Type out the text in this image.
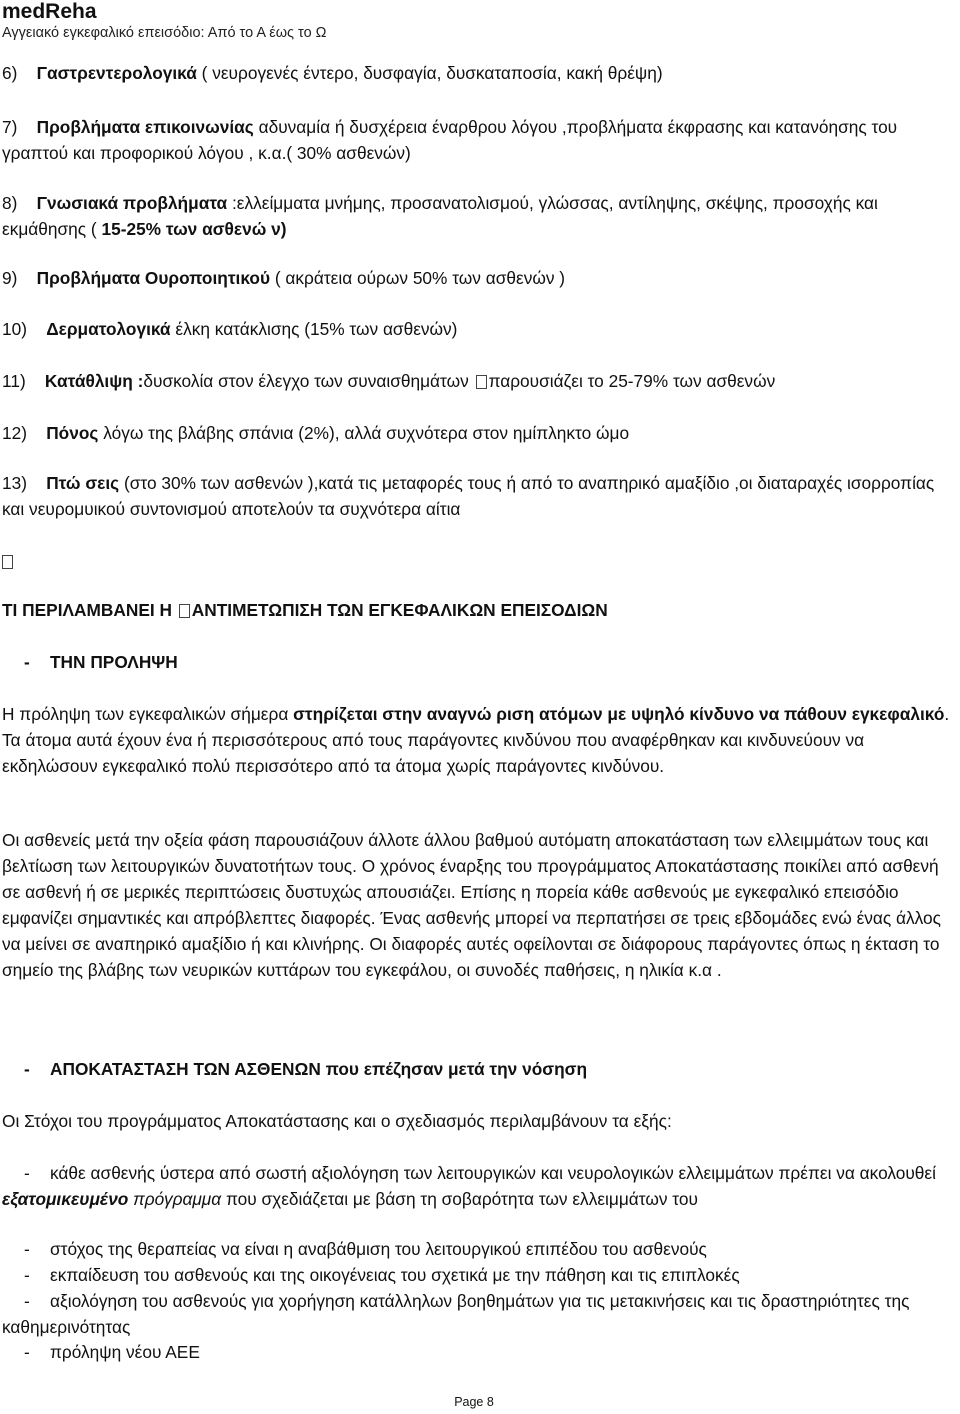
medReha
Αγγειακό εγκεφαλικό επεισόδιο: Από το Α έως το Ω
6) Γαστρεντερολογικά ( νευρογενές έντερο, δυσφαγία, δυσκαταποσία, κακή θρέψη)
7) Προβλήματα επικοινωνίας αδυναμία ή δυσχέρεια έναρθρου λόγου ,προβλήματα έκφρασης και κατανόησης του γραπτού και προφορικού λόγου , κ.α.( 30% ασθενών)
8) Γνωσιακά προβλήματα :ελλείμματα μνήμης, προσανατολισμού, γλώσσας, αντίληψης, σκέψης, προσοχής και εκμάθησης ( 15-25% των ασθενώ ν)
9) Προβλήματα Ουροποιητικού ( ακράτεια ούρων 50% των ασθενών )
10) Δερματολογικά έλκη κατάκλισης (15% των ασθενών)
11) Κατάθλιψη :δυσκολία στον έλεγχο των συναισθημάτων παρουσιάζει το 25-79% των ασθενών
12) Πόνος λόγω της βλάβης σπάνια (2%), αλλά συχνότερα στον ημίπληκτο ώμο
13) Πτώ σεις (στο 30% των ασθενών ),κατά τις μεταφορές τους ή από το αναπηρικό αμαξίδιο ,οι διαταραχές ισορροπίας και νευρομυικού συντονισμού αποτελούν τα συχνότερα αίτια
ΤΙ ΠΕΡΙΛΑΜΒΑΝΕΙ Η ΑΝΤΙΜΕΤΩΠΙΣΗ ΤΩΝ ΕΓΚΕΦΑΛΙΚΩΝ ΕΠΕΙΣΟΔΙΩΝ
- ΤΗΝ ΠΡΟΛΗΨΗ
Η πρόληψη των εγκεφαλικών σήμερα στηρίζεται στην αναγνώ ριση ατόμων με υψηλό κίνδυνο να πάθουν εγκεφαλικό. Τα άτομα αυτά έχουν ένα ή περισσότερους από τους παράγοντες κινδύνου που αναφέρθηκαν και κινδυνεύουν να εκδηλώσουν εγκεφαλικό πολύ περισσότερο από τα άτομα χωρίς παράγοντες κινδύνου.
Οι ασθενείς μετά την οξεία φάση παρουσιάζουν άλλοτε άλλου βαθμού αυτόματη αποκατάσταση των ελλειμμάτων τους και βελτίωση των λειτουργικών δυνατοτήτων τους. Ο χρόνος έναρξης του προγράμματος Αποκατάστασης ποικίλει από ασθενή σε ασθενή ή σε μερικές περιπτώσεις δυστυχώς απουσιάζει. Επίσης η πορεία κάθε ασθενούς με εγκεφαλικό επεισόδιο εμφανίζει σημαντικές και απρόβλεπτες διαφορές. Ένας ασθενής μπορεί να περπατήσει σε τρεις εβδομάδες ενώ ένας άλλος να μείνει σε αναπηρικό αμαξίδιο ή και κλινήρης. Οι διαφορές αυτές οφείλονται σε διάφορους παράγοντες όπως η έκταση το σημείο της βλάβης των νευρικών κυττάρων του εγκεφάλου, οι συνοδές παθήσεις, η ηλικία κ.α .
- ΑΠΟΚΑΤΑΣΤΑΣΗ ΤΩΝ ΑΣΘΕΝΩΝ που επέζησαν μετά την νόσηση
Οι Στόχοι του προγράμματος Αποκατάστασης και ο σχεδιασμός περιλαμβάνουν τα εξής:
- κάθε ασθενής ύστερα από σωστή αξιολόγηση των λειτουργικών και νευρολογικών ελλειμμάτων πρέπει να ακολουθεί εξατομικευμένο πρόγραμμα που σχεδιάζεται με βάση τη σοβαρότητα των ελλειμμάτων του
- στόχος της θεραπείας να είναι η αναβάθμιση του λειτουργικού επιπέδου του ασθενούς
- εκπαίδευση του ασθενούς και της οικογένειας του σχετικά με την πάθηση και τις επιπλοκές
- αξιολόγηση του ασθενούς για χορήγηση κατάλληλων βοηθημάτων για τις μετακινήσεις και τις δραστηριότητες της καθημερινότητας
- πρόληψη νέου ΑΕΕ
Page 8
